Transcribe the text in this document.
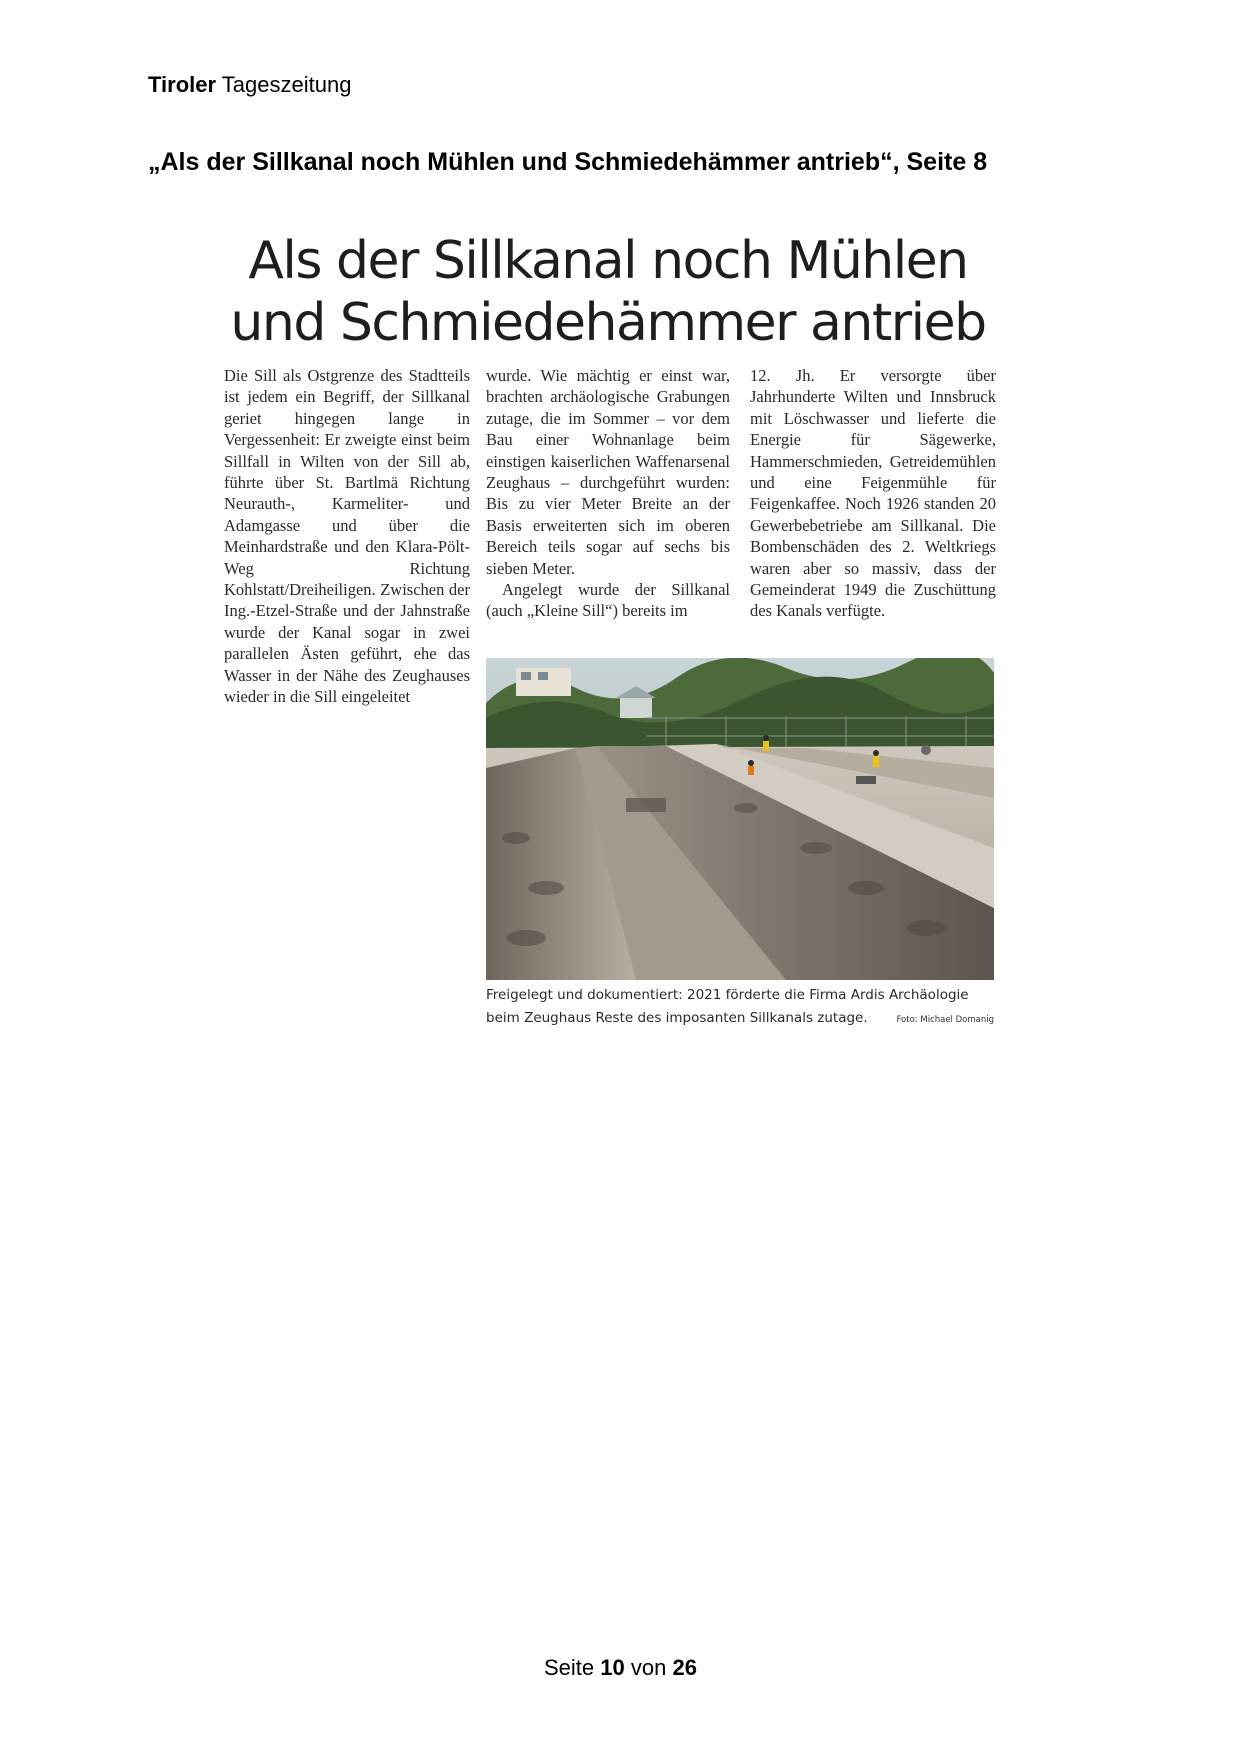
Tiroler Tageszeitung
„Als der Sillkanal noch Mühlen und Schmiedehämmer antrieb“, Seite 8
Als der Sillkanal noch Mühlen
und Schmiedehämmer antrieb

Die Sill als Ostgrenze des Stadtteils ist jedem ein Begriff, der Sillkanal geriet hingegen lange in Vergessenheit: Er zweigte einst beim Sillfall in Wilten von der Sill ab, führte über St. Bartlmä Richtung Neurauth-, Karmeliter- und Adamgasse und über die Meinhardstraße und den Klara-Pölt-Weg Richtung Kohlstatt/Dreiheiligen. Zwischen der Ing.-Etzel-Straße und der Jahnstraße wurde der Kanal sogar in zwei parallelen Ästen geführt, ehe das Wasser in der Nähe des Zeughauses wieder in die Sill eingeleitet

wurde. Wie mächtig er einst war, brachten archäologische Grabungen zutage, die im Sommer – vor dem Bau einer Wohnanlage beim einstigen kaiserlichen Waffenarsenal Zeughaus – durchgeführt wurden: Bis zu vier Meter Breite an der Basis erweiterten sich im oberen Bereich teils sogar auf sechs bis sieben Meter.

Angelegt wurde der Sillkanal (auch „Kleine Sill“) bereits im

12. Jh. Er versorgte über Jahrhunderte Wilten und Innsbruck mit Löschwasser und lieferte die Energie für Sägewerke, Hammerschmieden, Getreidemühlen und eine Feigenmühle für Feigenkaffee. Noch 1926 standen 20 Gewerbebetriebe am Sillkanal. Die Bombenschäden des 2. Weltkriegs waren aber so massiv, dass der Gemeinderat 1949 die Zuschüttung des Kanals verfügte.

Freigelegt und dokumentiert: 2021 förderte die Firma Ardis Archäologie beim Zeughaus Reste des imposanten Sillkanals zutage.	Foto: Michael Domanig
Seite 10 von 26
